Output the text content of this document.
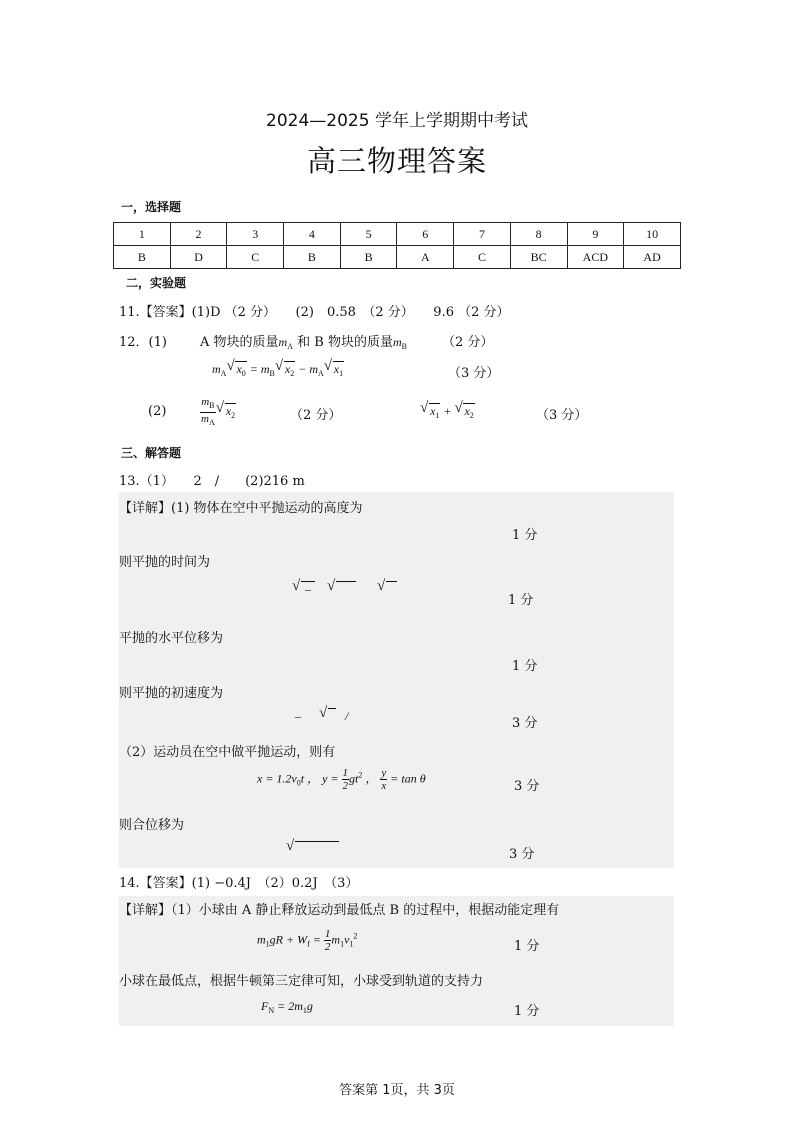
2024—2025 学年上学期期中考试
高三物理答案
一，选择题
1	2	3	4	5	6	7	8	9	10
B	D	C	B	B	A	C	BC	ACD	AD
二，实验题
11.【答案】(1)D （2 分）　　(2)　0.58　（2 分）　　9.6 （2 分）
12．(1)	A 物块的质量$m_A$ 和 B 物块的质量$m_B$	（2 分）
$m_A$ √ $x_0 = m_B$ √ $x_2 - m_A$ √ $x_1$	（3 分）
(2)	$\frac{m_B}{m_A}$ √ $x_2$	（2 分）	√ $x_1$ + √ $x_2$	（3 分）
三、解答题
13.（1）　　2　/　　(2)216 m
【详解】(1) 物体在空中平抛运动的高度为
1 分
则平抛的时间为
√ – √
	√

1 分
平抛的水平位移为
1 分
则平抛的初速度为
– √ /	3 分
（2）运动员在空中做平抛运动，则有
$x = 1.2v_0t$ ， $y = \frac{1}{2} gt^2$ ， $\frac{y}{x} = \tan \theta$
3 分
则合位移为
√

3 分
14.【答案】(1) −0.4J　（2）0.2J　（3）
【详解】（1）小球由 A 静止释放运动到最低点 B 的过程中，根据动能定理有
$m_1gR + W_f = \frac{1}{2} m_1v_1^2$
1 分
小球在最低点，根据牛顿第三定律可知，小球受到轨道的支持力
$F_N = 2m_1g$	1 分
答案第 1页，共 3页
